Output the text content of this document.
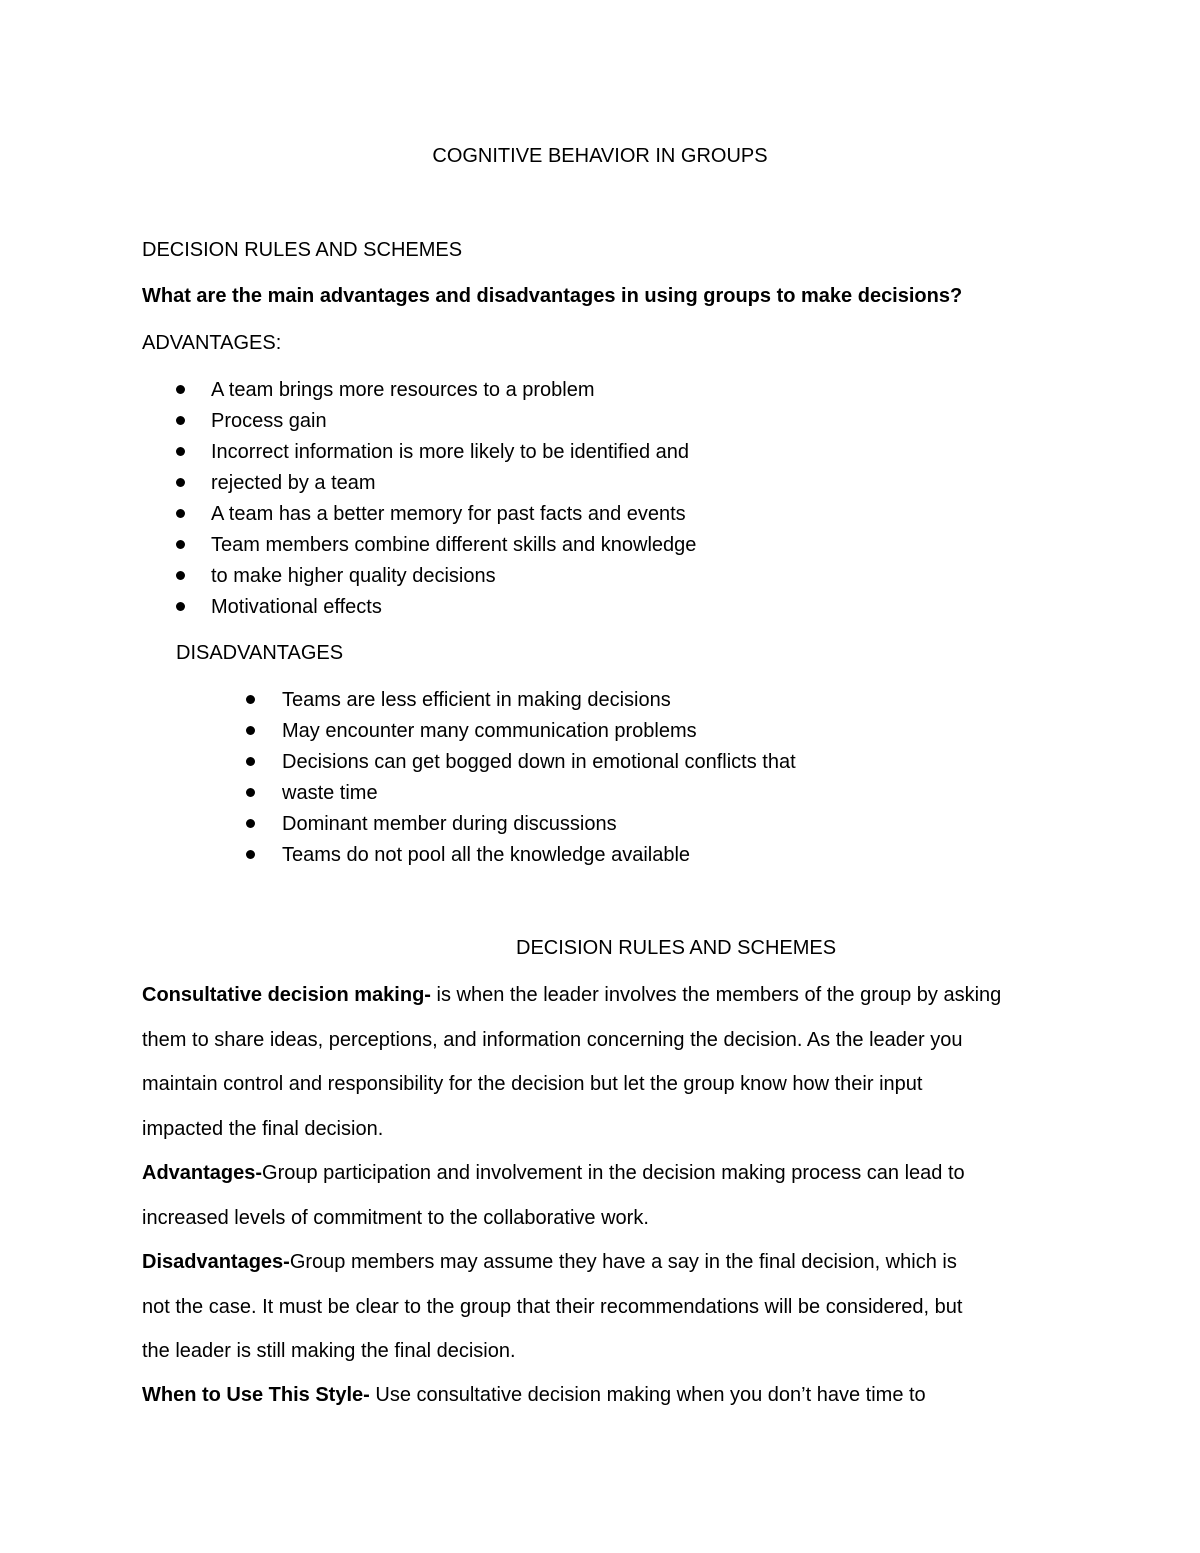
COGNITIVE BEHAVIOR IN GROUPS
DECISION RULES AND SCHEMES
What are the main advantages and disadvantages in using groups to make decisions?
ADVANTAGES:
A team brings more resources to a problem
Process gain
Incorrect information is more likely to be identified and
rejected by a team
A team has a better memory for past facts and events
Team members combine different skills and knowledge
to make higher quality decisions
Motivational effects
DISADVANTAGES
Teams are less efficient in making decisions
May encounter many communication problems
Decisions can get bogged down in emotional conflicts that
waste time
Dominant member during discussions
Teams do not pool all the knowledge available
DECISION RULES AND SCHEMES
Consultative decision making- is when the leader involves the members of the group by asking
them to share ideas, perceptions, and information concerning the decision. As the leader you
maintain control and responsibility for the decision but let the group know how their input
impacted the final decision.
Advantages-Group participation and involvement in the decision making process can lead to
increased levels of commitment to the collaborative work.
Disadvantages-Group members may assume they have a say in the final decision, which is
not the case. It must be clear to the group that their recommendations will be considered, but
the leader is still making the final decision.
When to Use This Style- Use consultative decision making when you don’t have time to
